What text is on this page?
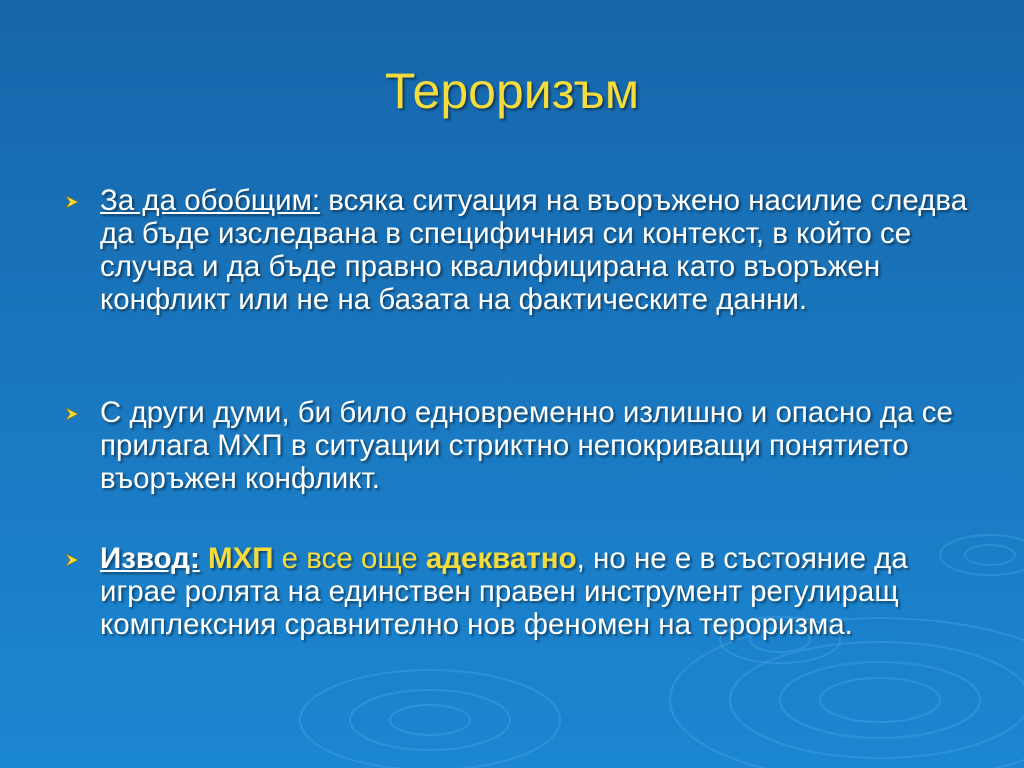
Тероризъм
За да обобщим: всяка ситуация на въоръжено насилие следва да бъде изследвана в специфичния си контекст, в който се случва и да бъде правно квалифицирана като въоръжен конфликт или не на базата на фактическите данни.
С други думи, би било едновременно излишно и опасно да се прилага МХП в ситуации стриктно непокриващи понятието въоръжен конфликт.
Извод: МХП е все още адекватно, но не е в състояние да играе ролята на единствен правен инструмент регулиращ комплексния сравнително нов феномен на тероризма.
